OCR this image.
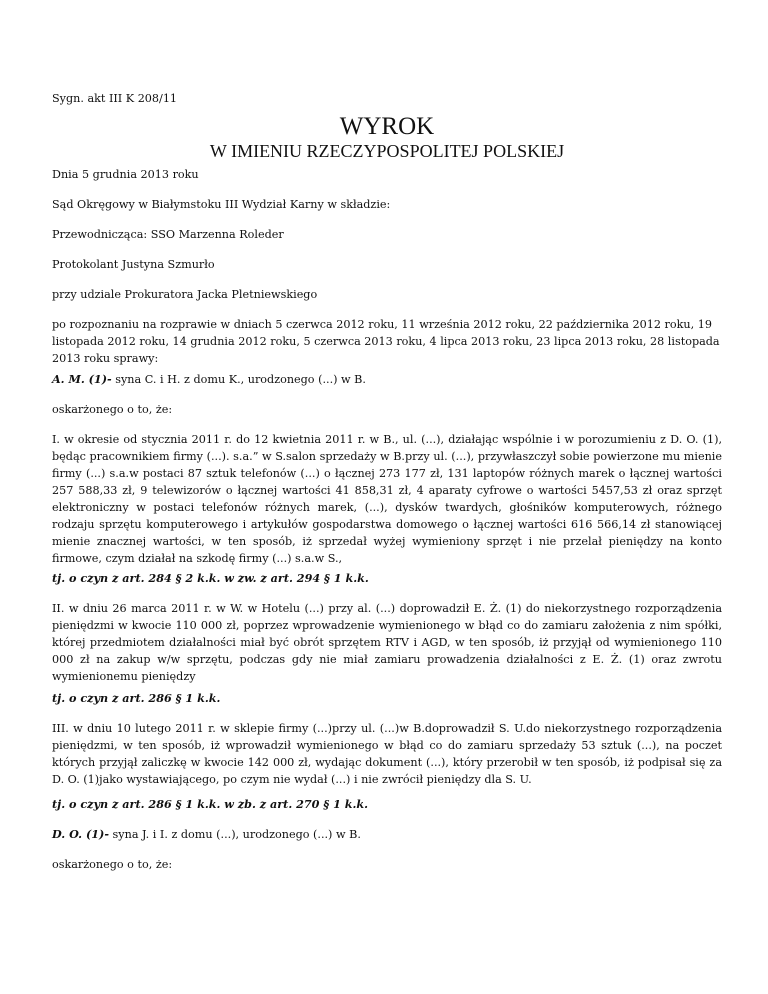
Sygn. akt III K 208/11

WYROK
W IMIENIU RZECZYPOSPOLITEJ POLSKIEJ

Dnia 5 grudnia 2013 roku

Sąd Okręgowy w Białymstoku III Wydział Karny w składzie:

Przewodnicząca: SSO Marzenna Roleder

Protokolant Justyna Szmurło

przy udziale Prokuratora Jacka Pletniewskiego

po rozpoznaniu na rozprawie w dniach 5 czerwca 2012 roku, 11 września 2012 roku, 22 października 2012 roku, 19 listopada 2012 roku, 14 grudnia 2012 roku, 5 czerwca 2013 roku, 4 lipca 2013 roku, 23 lipca 2013 roku, 28 listopada 2013 roku sprawy:

A. M. (1)- syna C. i H. z domu K., urodzonego (...) w B.

oskarżonego o to, że:

I. w okresie od stycznia 2011 r. do 12 kwietnia 2011 r. w B., ul. (...), działając wspólnie i w porozumieniu z D. O. (1), będąc pracownikiem firmy (...). s.a.” w S.salon sprzedaży w B.przy ul. (...), przywłaszczył sobie powierzone mu mienie firmy (...) s.a.w postaci 87 sztuk telefonów (...) o łącznej 273 177 zł, 131 laptopów różnych marek o łącznej wartości 257 588,33 zł, 9 telewizorów o łącznej wartości 41 858,31 zł, 4 aparaty cyfrowe o wartości 5457,53 zł oraz sprzęt elektroniczny w postaci telefonów różnych marek, (...), dysków twardych, głośników komputerowych, różnego rodzaju sprzętu komputerowego i artykułów gospodarstwa domowego o łącznej wartości 616 566,14 zł stanowiącej mienie znacznej wartości, w ten sposób, iż sprzedał wyżej wymieniony sprzęt i nie przelał pieniędzy na konto firmowe, czym działał na szkodę firmy (...) s.a.w S.,

tj. o czyn z art. 284 § 2 k.k. w zw. z art. 294 § 1 k.k.

II. w dniu 26 marca 2011 r. w W. w Hotelu (...) przy al. (...) doprowadził E. Ż. (1) do niekorzystnego rozporządzenia pieniędzmi w kwocie 110 000 zł, poprzez wprowadzenie wymienionego w błąd co do zamiaru założenia z nim spółki, której przedmiotem działalności miał być obrót sprzętem RTV i AGD, w ten sposób, iż przyjął od wymienionego 110 000 zł na zakup w/w sprzętu, podczas gdy nie miał zamiaru prowadzenia działalności z E. Ż. (1) oraz zwrotu wymienionemu pieniędzy

tj. o czyn z art. 286 § 1 k.k.

III. w dniu 10 lutego 2011 r. w sklepie firmy (...)przy ul. (...)w B.doprowadził S. U.do niekorzystnego rozporządzenia pieniędzmi, w ten sposób, iż wprowadził wymienionego w błąd co do zamiaru sprzedaży 53 sztuk (...), na poczet których przyjął zaliczkę w kwocie 142 000 zł, wydając dokument (...), który przerobił w ten sposób, iż podpisał się za D. O. (1)jako wystawiającego, po czym nie wydał (...) i nie zwrócił pieniędzy dla S. U.

tj. o czyn z art. 286 § 1 k.k. w zb. z art. 270 § 1 k.k.

D. O. (1)- syna J. i I. z domu (...), urodzonego (...) w B.

oskarżonego o to, że:
